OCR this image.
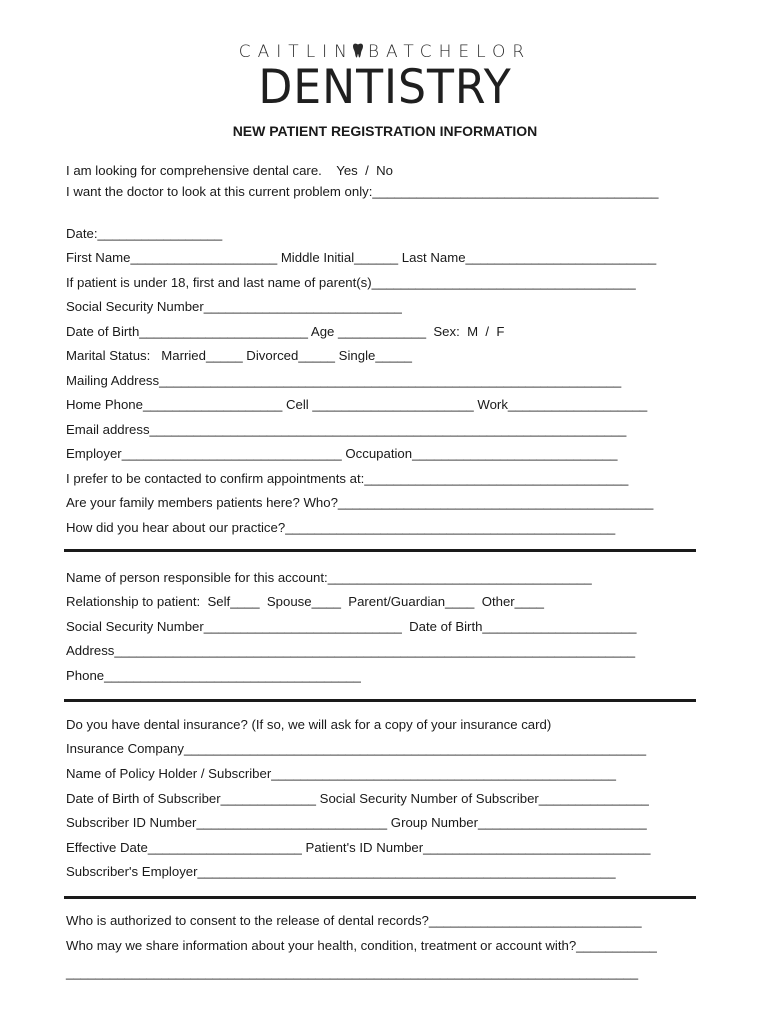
CAITLIN BATCHELOR
DENTISTRY
NEW PATIENT REGISTRATION INFORMATION
I am looking for comprehensive dental care.    Yes  /  No
I want the doctor to look at this current problem only:_______________________________________
Date:_________________
First Name____________________ Middle Initial______ Last Name__________________________
If patient is under 18, first and last name of parent(s)____________________________________
Social Security Number___________________________
Date of Birth_______________________ Age ____________  Sex:  M  /  F
Marital Status:   Married_____ Divorced_____ Single_____
Mailing Address_______________________________________________________________
Home Phone___________________ Cell ______________________ Work___________________
Email address_________________________________________________________________
Employer______________________________ Occupation____________________________
I prefer to be contacted to confirm appointments at:____________________________________
Are your family members patients here? Who?___________________________________________
How did you hear about our practice?_____________________________________________
Name of person responsible for this account:____________________________________
Relationship to patient:  Self____  Spouse____  Parent/Guardian____  Other____
Social Security Number___________________________  Date of Birth_____________________
Address_______________________________________________________________________
Phone___________________________________
Do you have dental insurance? (If so, we will ask for a copy of your insurance card)
Insurance Company_______________________________________________________________
Name of Policy Holder / Subscriber_______________________________________________
Date of Birth of Subscriber_____________ Social Security Number of Subscriber_______________
Subscriber ID Number__________________________ Group Number_______________________
Effective Date_____________________ Patient's ID Number_______________________________
Subscriber's Employer_________________________________________________________
Who is authorized to consent to the release of dental records?_____________________________
Who may we share information about your health, condition, treatment or account with?___________
______________________________________________________________________________
